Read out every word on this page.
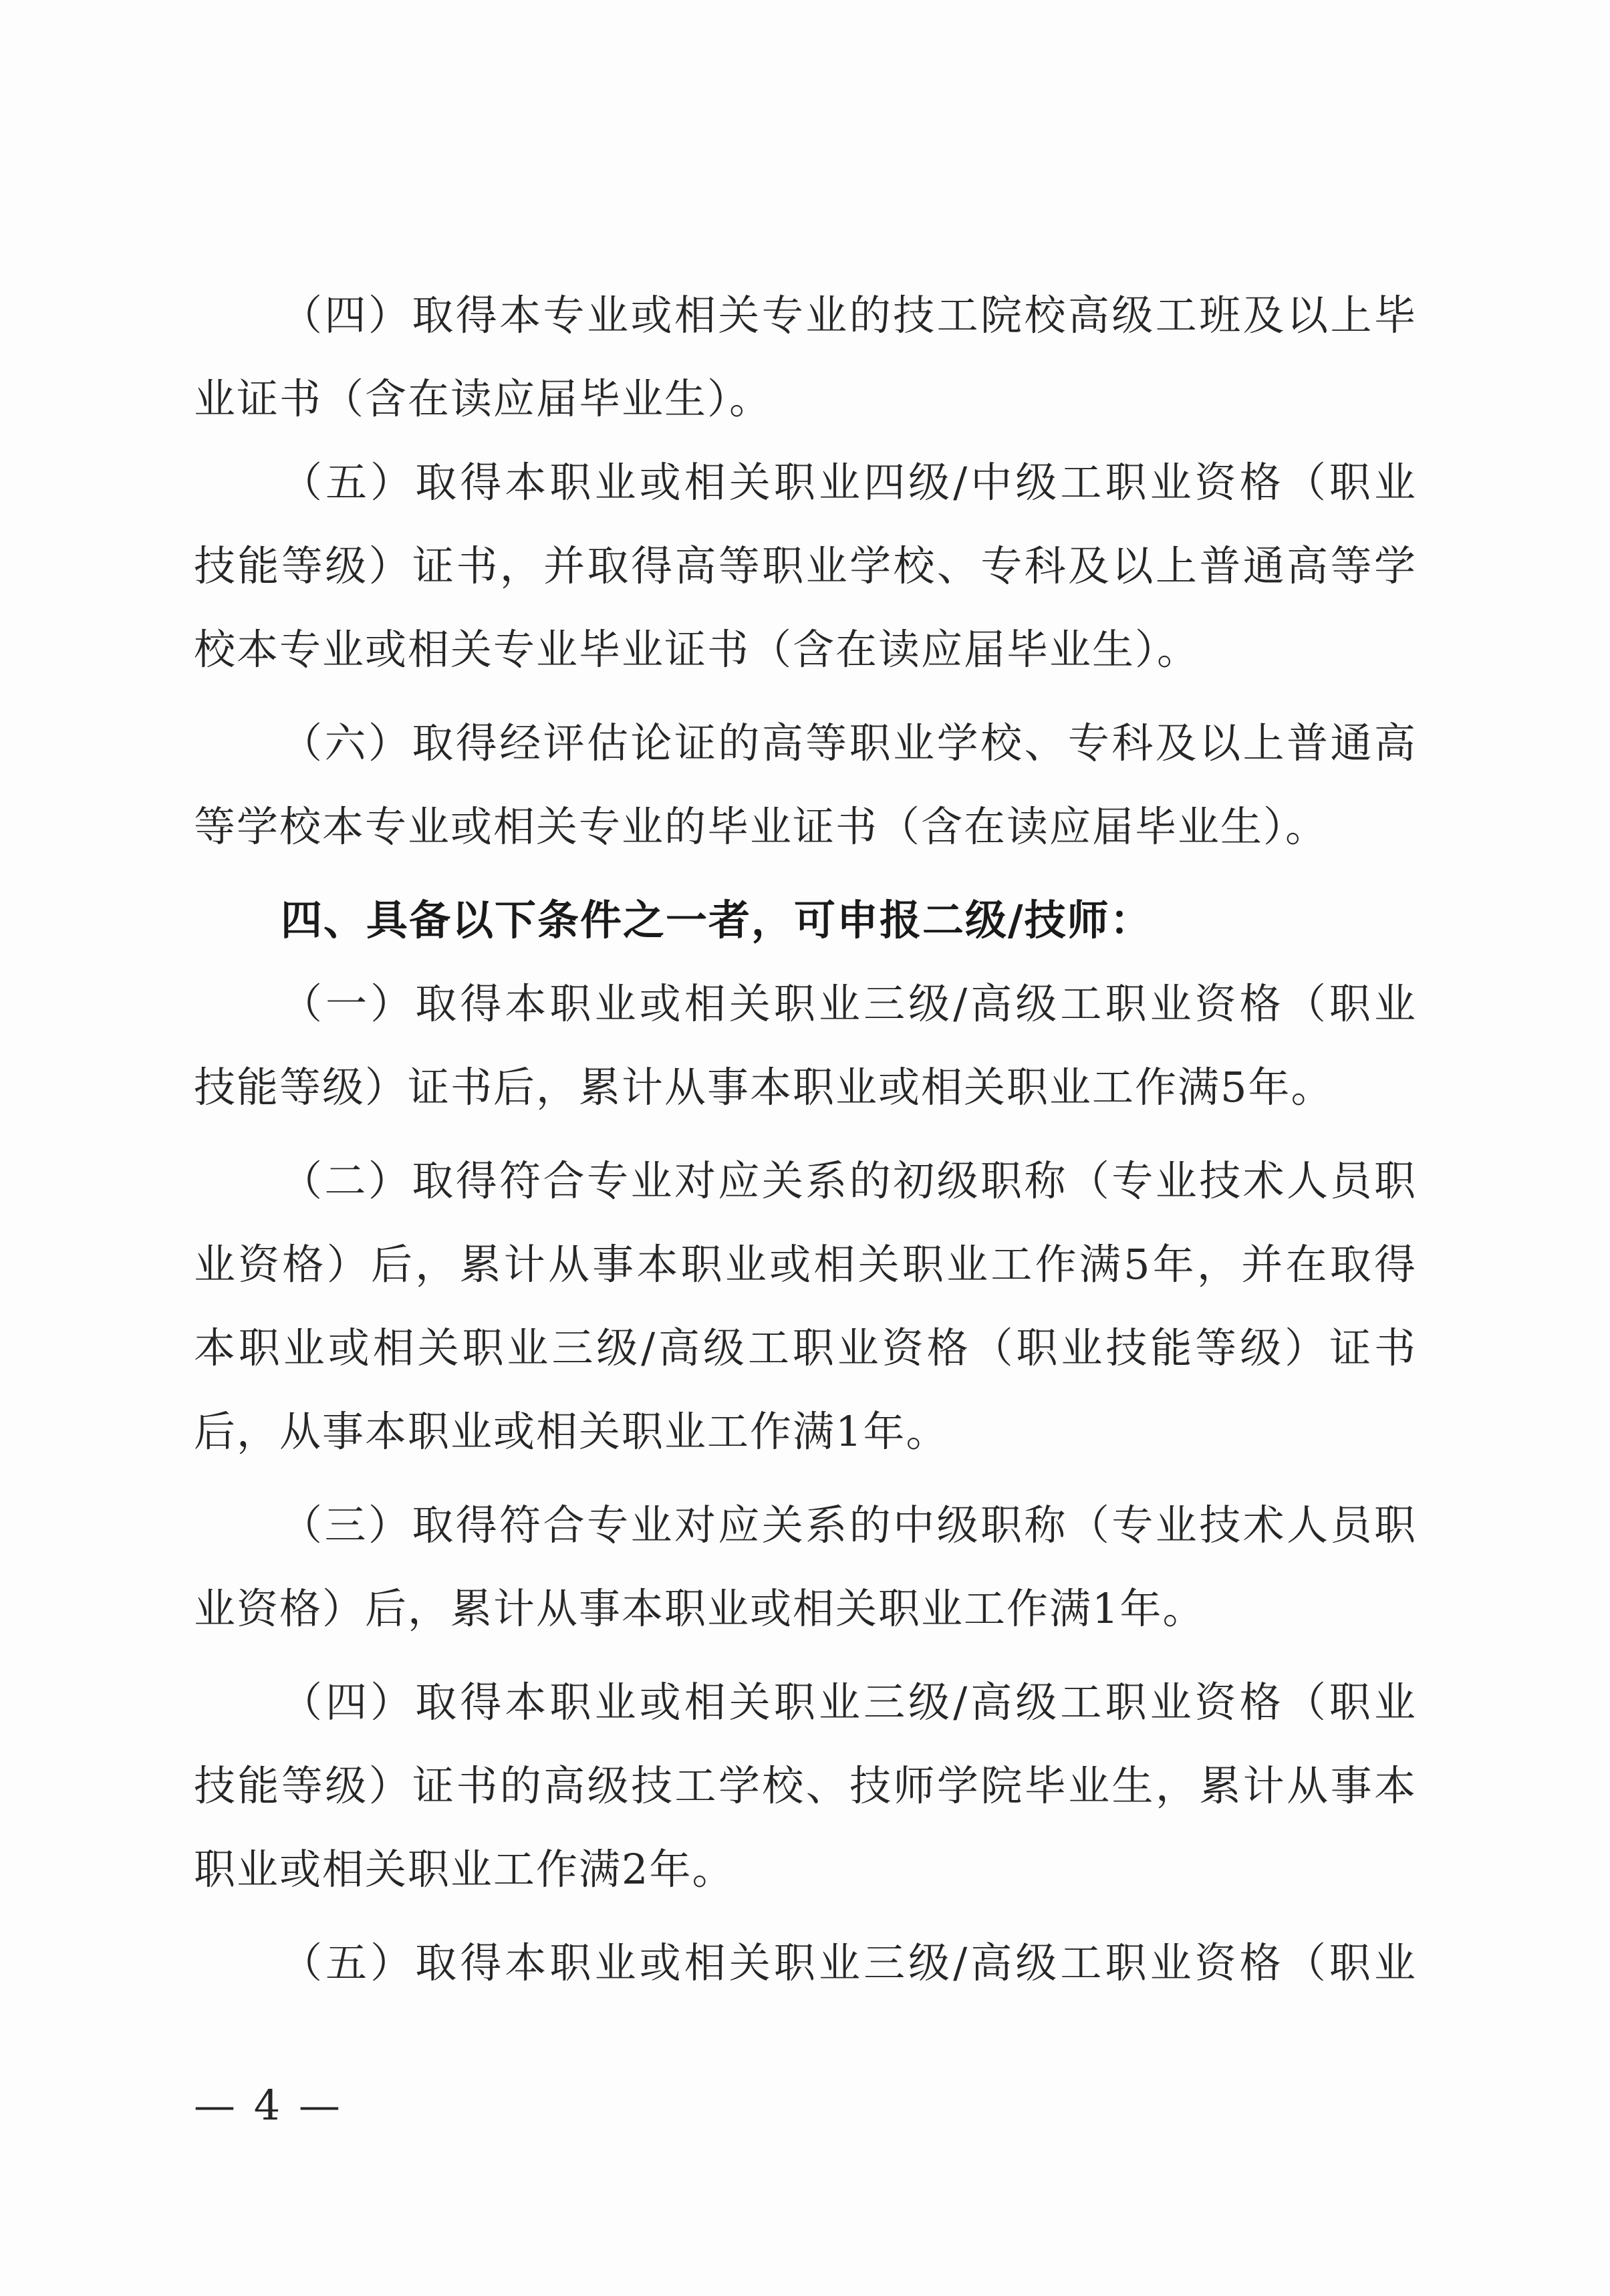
（四）取得本专业或相关专业的技工院校高级工班及以上毕
业证书（含在读应届毕业生）。
（五）取得本职业或相关职业四级/中级工职业资格（职业
技能等级）证书，并取得高等职业学校、专科及以上普通高等学
校本专业或相关专业毕业证书（含在读应届毕业生）。
（六）取得经评估论证的高等职业学校、专科及以上普通高
等学校本专业或相关专业的毕业证书（含在读应届毕业生）。
四、具备以下条件之一者，可申报二级/技师：
（一）取得本职业或相关职业三级/高级工职业资格（职业
技能等级）证书后，累计从事本职业或相关职业工作满5年。
（二）取得符合专业对应关系的初级职称（专业技术人员职
业资格）后，累计从事本职业或相关职业工作满5年，并在取得
本职业或相关职业三级/高级工职业资格（职业技能等级）证书
后，从事本职业或相关职业工作满1年。
（三）取得符合专业对应关系的中级职称（专业技术人员职
业资格）后，累计从事本职业或相关职业工作满1年。
（四）取得本职业或相关职业三级/高级工职业资格（职业
技能等级）证书的高级技工学校、技师学院毕业生，累计从事本
职业或相关职业工作满2年。
（五）取得本职业或相关职业三级/高级工职业资格（职业
— 4 —
